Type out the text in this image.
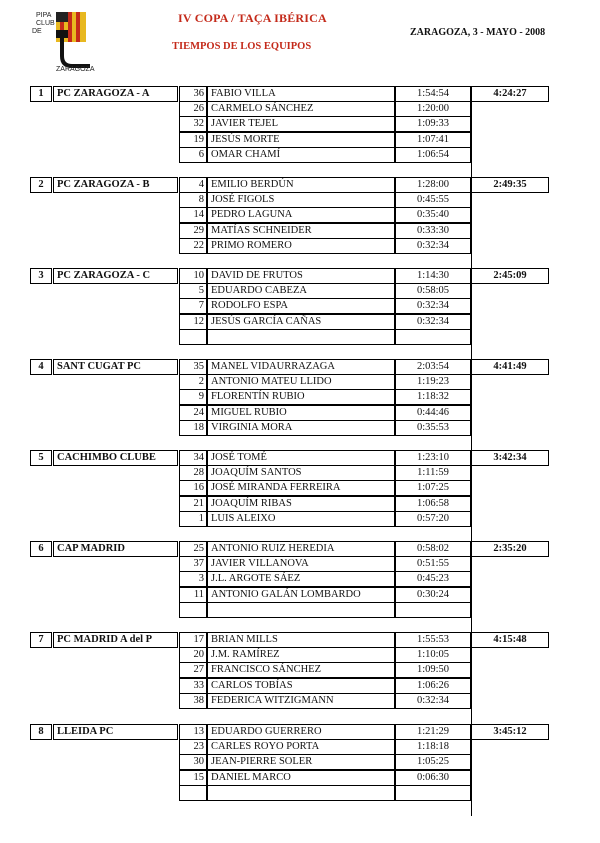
PIPA
CLUB
DE
ZARAGOZA
IV COPA / TAÇA IBÉRICA
TIEMPOS DE LOS EQUIPOS
ZARAGOZA, 3 - MAYO - 2008
1	PC ZARAGOZA - A	4:24:27
36 FABIO VILLA	1:54:54
26 CARMELO SÁNCHEZ	1:20:00
32 JAVIER TEJEL	1:09:33
19 JESÚS MORTE	1:07:41
6 OMAR CHAMÍ	1:06:54
2	PC ZARAGOZA - B	2:49:35
4 EMILIO BERDÚN	1:28:00
8 JOSÉ FIGOLS	0:45:55
14 PEDRO LAGUNA	0:35:40
29 MATÍAS SCHNEIDER	0:33:30
22 PRIMO ROMERO	0:32:34
3	PC ZARAGOZA - C	2:45:09
10 DAVID DE FRUTOS	1:14:30
5 EDUARDO CABEZA	0:58:05
7 RODOLFO ESPA	0:32:34
12 JESÚS GARCÍA CAÑAS	0:32:34
4	SANT CUGAT PC	4:41:49
35 MANEL VIDAURRAZAGA	2:03:54
2 ANTONIO MATEU LLIDO	1:19:23
9 FLORENTÍN RUBIO	1:18:32
24 MIGUEL RUBIO	0:44:46
18 VIRGINIA MORA	0:35:53
5	CACHIMBO CLUBE	3:42:34
34 JOSÉ TOMÉ	1:23:10
28 JOAQUÍM SANTOS	1:11:59
16 JOSÉ MIRANDA FERREIRA	1:07:25
21 JOAQUÍM RIBAS	1:06:58
1 LUIS ALEIXO	0:57:20
6	CAP MADRID	2:35:20
25 ANTONIO RUIZ HEREDIA	0:58:02
37 JAVIER VILLANOVA	0:51:55
3 J.L. ARGOTE SÁEZ	0:45:23
11 ANTONIO GALÁN LOMBARDO	0:30:24
7	PC MADRID A del P	4:15:48
17 BRIAN MILLS	1:55:53
20 J.M. RAMÍREZ	1:10:05
27 FRANCISCO SÁNCHEZ	1:09:50
33 CARLOS TOBÍAS	1:06:26
38 FEDERICA WITZIGMANN	0:32:34
8	LLEIDA PC	3:45:12
13 EDUARDO GUERRERO	1:21:29
23 CARLES ROYO PORTA	1:18:18
30 JEAN-PIERRE SOLER	1:05:25
15 DANIEL MARCO	0:06:30
